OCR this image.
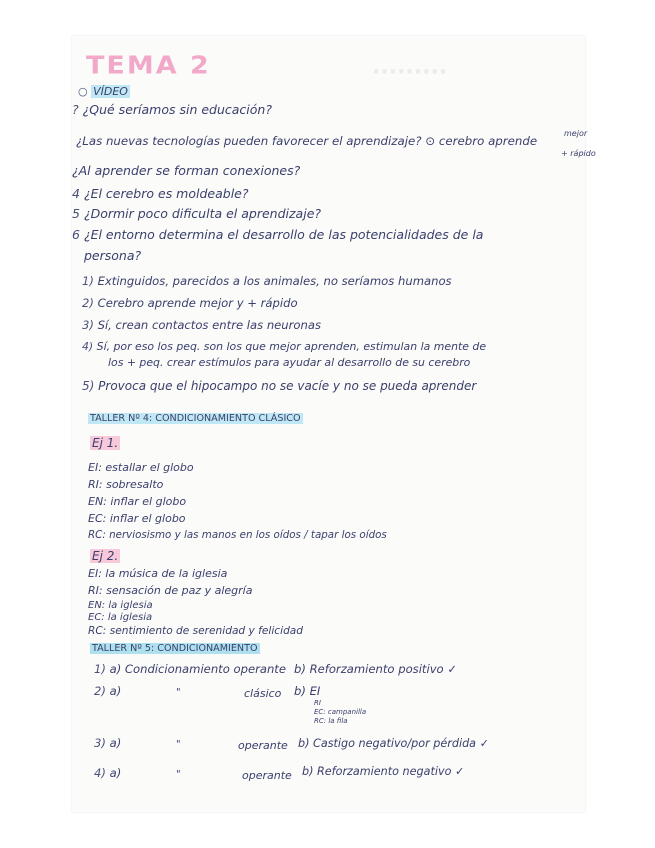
·········
TEMA 2
○ VÍDEO
? ¿Qué seríamos sin educación?
¿Las nuevas tecnologías pueden favorecer el aprendizaje? ⊙ cerebro aprende
mejor
+ rápido
¿Al aprender se forman conexiones?
4 ¿El cerebro es moldeable?
5 ¿Dormir poco dificulta el aprendizaje?
6 ¿El entorno determina el desarrollo de las potencialidades de la
persona?
1) Extinguidos, parecidos a los animales, no seríamos humanos
2) Cerebro aprende mejor y + rápido
3) Sí, crean contactos entre las neuronas
4) Sí, por eso los peq. son los que mejor aprenden, estimulan la mente de
los + peq. crear estímulos para ayudar al desarrollo de su cerebro
5) Provoca que el hipocampo no se vacíe y no se pueda aprender
TALLER Nº 4: CONDICIONAMIENTO CLÁSICO
Ej 1.
EI: estallar el globo
RI: sobresalto
EN: inflar el globo
EC: inflar el globo
RC: nerviosismo y las manos en los oídos / tapar los oídos
Ej 2.
EI: la música de la iglesia
RI: sensación de paz y alegría
EN: la iglesia
EC: la iglesia
RC: sentimiento de serenidad y felicidad
TALLER Nº 5: CONDICIONAMIENTO
1) a) Condicionamiento operante b) Reforzamiento positivo ✓
2) a)	"	clásico b) EI
RI
EC: campanilla
RC: la fila
3) a)	"	operante b) Castigo negativo/por pérdida ✓
4) a)	"	operante b) Reforzamiento negativo ✓
